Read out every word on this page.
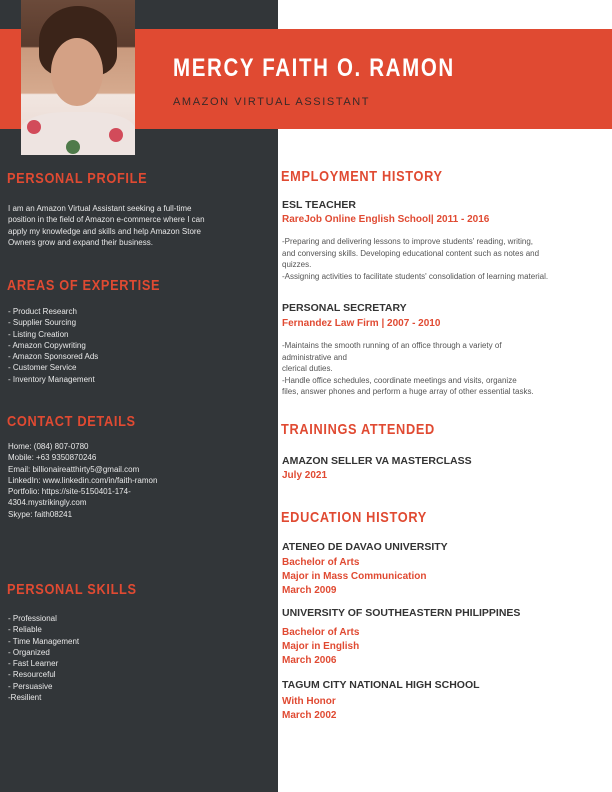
MERCY FAITH O. RAMON
AMAZON VIRTUAL ASSISTANT
PERSONAL PROFILE
I am an Amazon Virtual Assistant seeking a full-time
position in the field of Amazon e-commerce where I can
apply my knowledge and skills and help Amazon Store
Owners grow and expand their business.
AREAS OF EXPERTISE
- Product Research
- Supplier Sourcing
- Listing Creation
- Amazon Copywriting
- Amazon Sponsored Ads
- Customer Service
- Inventory Management
CONTACT DETAILS
Home: (084) 807-0780
Mobile: +63 9350870246
Email: billionaireatthirty5@gmail.com
LinkedIn: www.linkedin.com/in/faith-ramon
Portfolio: https://site-5150401-174-
4304.mystrikingly.com
Skype: faith08241
PERSONAL SKILLS
- Professional
- Reliable
- Time Management
- Organized
- Fast Learner
- Resourceful
- Persuasive
-Resilient
EMPLOYMENT HISTORY
ESL TEACHER
RareJob Online English School| 2011 - 2016
-Preparing and delivering lessons to improve students' reading, writing,
and conversing skills. Developing educational content such as notes and
quizzes.
-Assigning activities to facilitate students' consolidation of learning material.
PERSONAL SECRETARY
Fernandez Law Firm | 2007 - 2010
-Maintains the smooth running of an office through a variety of
administrative and
clerical duties.
-Handle office schedules, coordinate meetings and visits, organize
files, answer phones and perform a huge array of other essential tasks.
TRAININGS ATTENDED
AMAZON SELLER VA MASTERCLASS
July 2021
EDUCATION HISTORY
ATENEO DE DAVAO UNIVERSITY
Bachelor of Arts
Major in Mass Communication
March 2009
UNIVERSITY OF SOUTHEASTERN PHILIPPINES
Bachelor of Arts
Major in English
March 2006
TAGUM CITY NATIONAL HIGH SCHOOL
With Honor
March 2002
